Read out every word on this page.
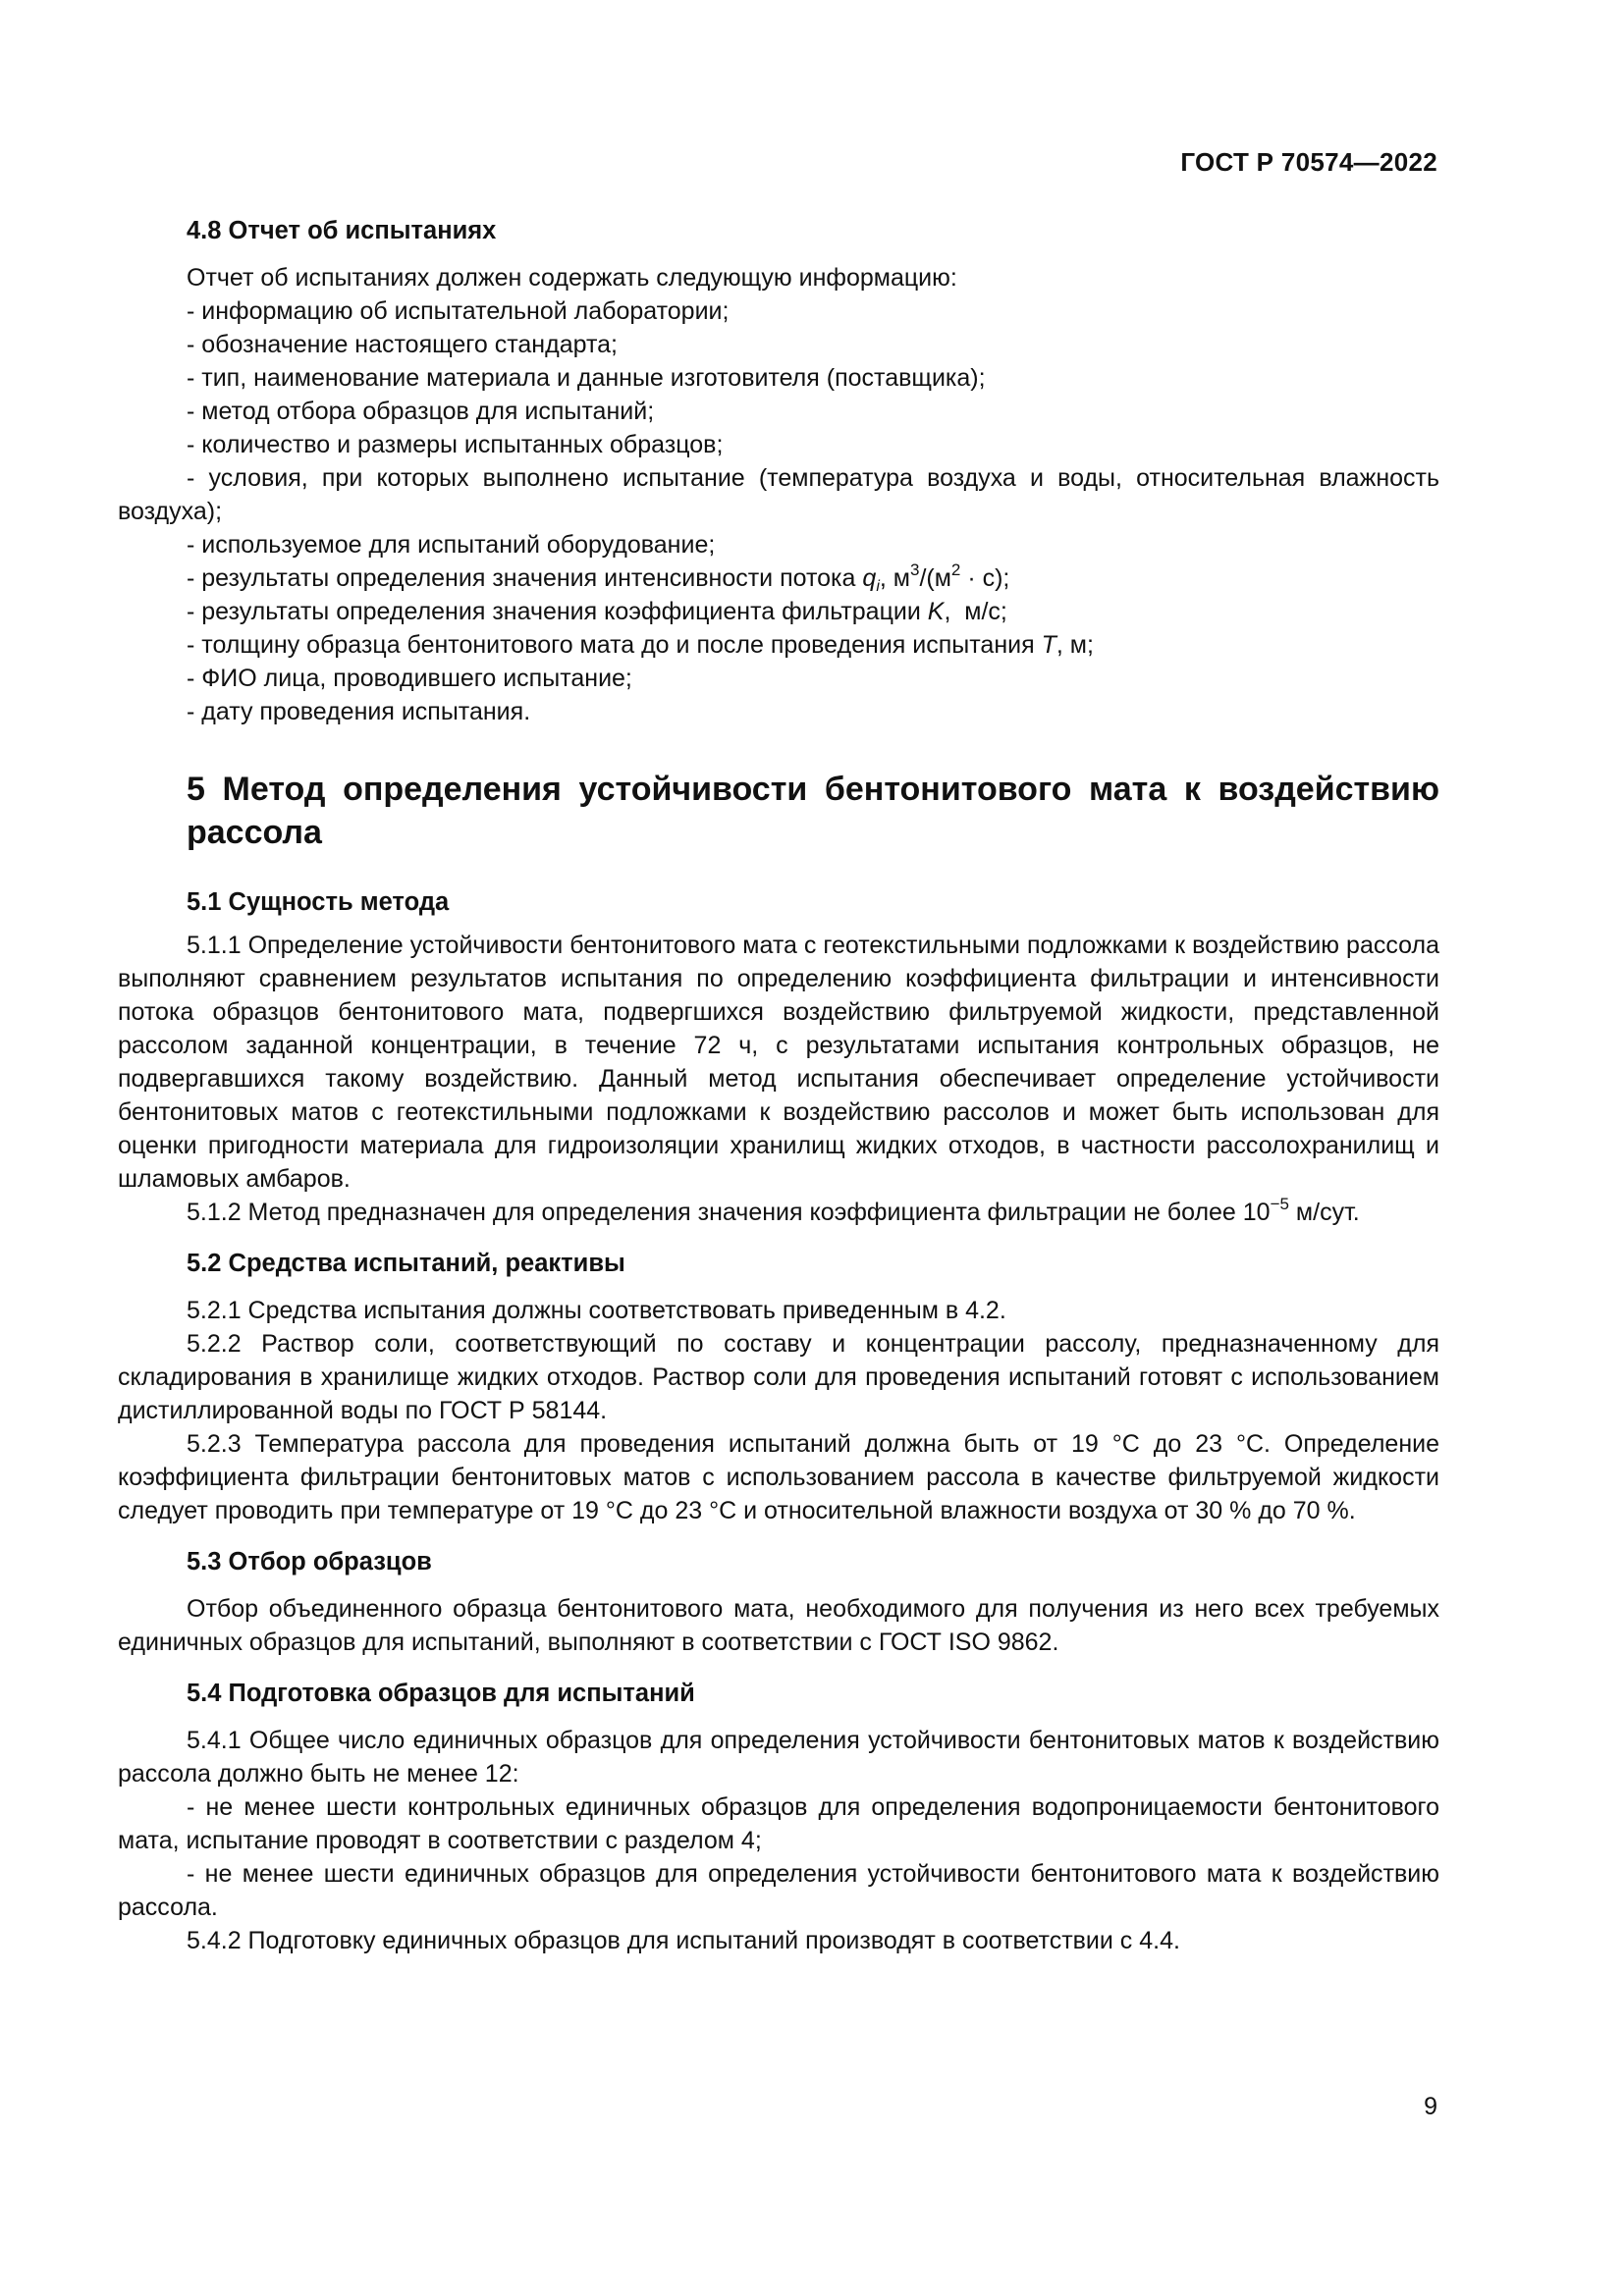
ГОСТ Р 70574—2022

4.8 Отчет об испытаниях

Отчет об испытаниях должен содержать следующую информацию:

- информацию об испытательной лаборатории;

- обозначение настоящего стандарта;

- тип, наименование материала и данные изготовителя (поставщика);

- метод отбора образцов для испытаний;

- количество и размеры испытанных образцов;

- условия, при которых выполнено испытание (температура воздуха и воды, относительная влажность воздуха);

- используемое для испытаний оборудование;

- результаты определения значения интенсивности потока $q_i$, $м^3/(м^2 \cdot с)$;

- результаты определения значения коэффициента фильтрации K,  м/с;

- толщину образца бентонитового мата до и после проведения испытания T, м;

- ФИО лица, проводившего испытание;

- дату проведения испытания.

5 Метод определения устойчивости бентонитового мата к воздействию рассола

5.1 Сущность метода

5.1.1 Определение устойчивости бентонитового мата с геотекстильными подложками к воздействию рассола выполняют сравнением результатов испытания по определению коэффициента фильтрации и интенсивности потока образцов бентонитового мата, подвергшихся воздействию фильтруемой жидкости, представленной рассолом заданной концентрации, в течение 72 ч, с результатами испытания контрольных образцов, не подвергавшихся такому воздействию. Данный метод испытания обеспечивает определение устойчивости бентонитовых матов с геотекстильными подложками к воздействию рассолов и может быть использован для оценки пригодности материала для гидроизоляции хранилищ жидких отходов, в частности рассолохранилищ и шламовых амбаров.

5.1.2 Метод предназначен для определения значения коэффициента фильтрации не более $10^{-5}$ м/сут.

5.2 Средства испытаний, реактивы

5.2.1 Средства испытания должны соответствовать приведенным в 4.2.

5.2.2 Раствор соли, соответствующий по составу и концентрации рассолу, предназначенному для складирования в хранилище жидких отходов. Раствор соли для проведения испытаний готовят с использованием дистиллированной воды по ГОСТ Р 58144.

5.2.3 Температура рассола для проведения испытаний должна быть от 19 °С до 23 °С. Определение коэффициента фильтрации бентонитовых матов с использованием рассола в качестве фильтруемой жидкости следует проводить при температуре от 19 °С до 23 °С и относительной влажности воздуха от 30 % до 70 %.

5.3 Отбор образцов

Отбор объединенного образца бентонитового мата, необходимого для получения из него всех требуемых единичных образцов для испытаний, выполняют в соответствии с ГОСТ ISO 9862.

5.4 Подготовка образцов для испытаний

5.4.1 Общее число единичных образцов для определения устойчивости бентонитовых матов к воздействию рассола должно быть не менее 12:

- не менее шести контрольных единичных образцов для определения водопроницаемости бентонитового мата, испытание проводят в соответствии с разделом 4;

- не менее шести единичных образцов для определения устойчивости бентонитового мата к воздействию рассола.

5.4.2 Подготовку единичных образцов для испытаний производят в соответствии с 4.4.

9
